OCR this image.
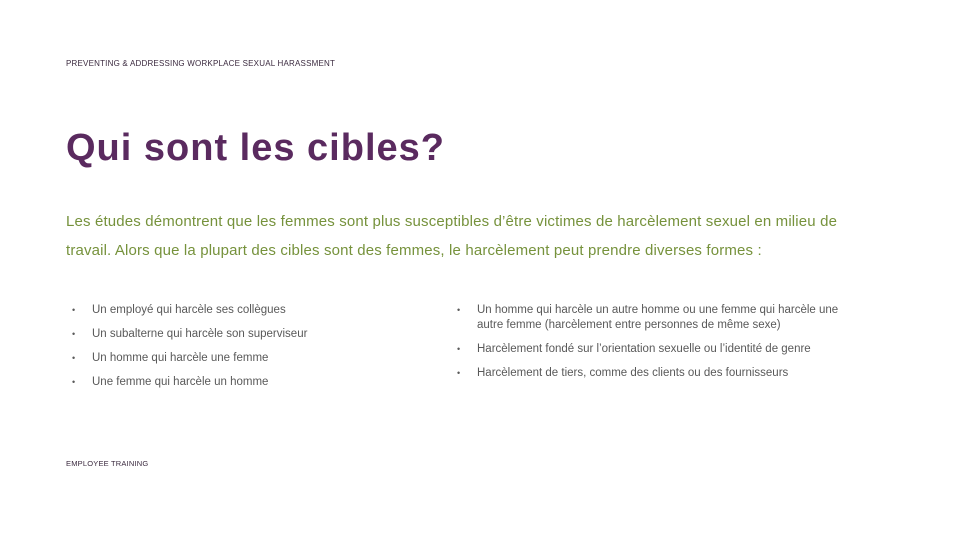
PREVENTING & ADDRESSING WORKPLACE SEXUAL HARASSMENT
Qui sont les cibles?

Les études démontrent que les femmes sont plus susceptibles d’être victimes de harcèlement sexuel en milieu de travail. Alors que la plupart des cibles sont des femmes, le harcèlement peut prendre diverses formes :

• Un employé qui harcèle ses collègues
• Un subalterne qui harcèle son superviseur
• Un homme qui harcèle une femme
• Une femme qui harcèle un homme
• Un homme qui harcèle un autre homme ou une femme qui harcèle une autre femme (harcèlement entre personnes de même sexe)
• Harcèlement fondé sur l’orientation sexuelle ou l’identité de genre
• Harcèlement de tiers, comme des clients ou des fournisseurs
EMPLOYEE TRAINING
